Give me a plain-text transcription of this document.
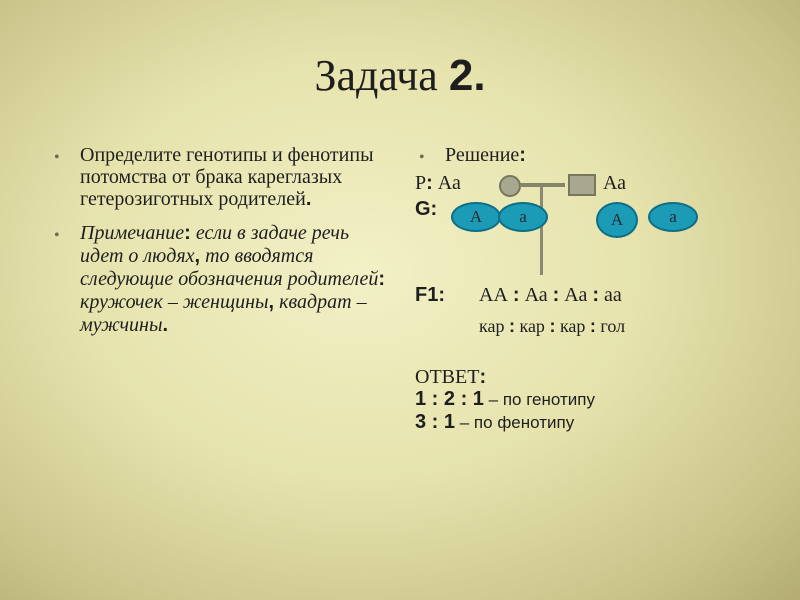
Задача 2.
• Определите генотипы и фенотипы потомства от брака кареглазых гетерозиготных родителей.
• Примечание: если в задаче речь идет о людях, то вводятся следующие обозначения родителей: кружочек – женщины, квадрат – мужчины.
• Решение:
Р: Аа	Аа
G:	А	а	А	а
F1: АА : Аа : Аа : аа
кар : кар : кар : гол
ОТВЕТ:
1 : 2 : 1 – по генотипу
3 : 1 – по фенотипу
